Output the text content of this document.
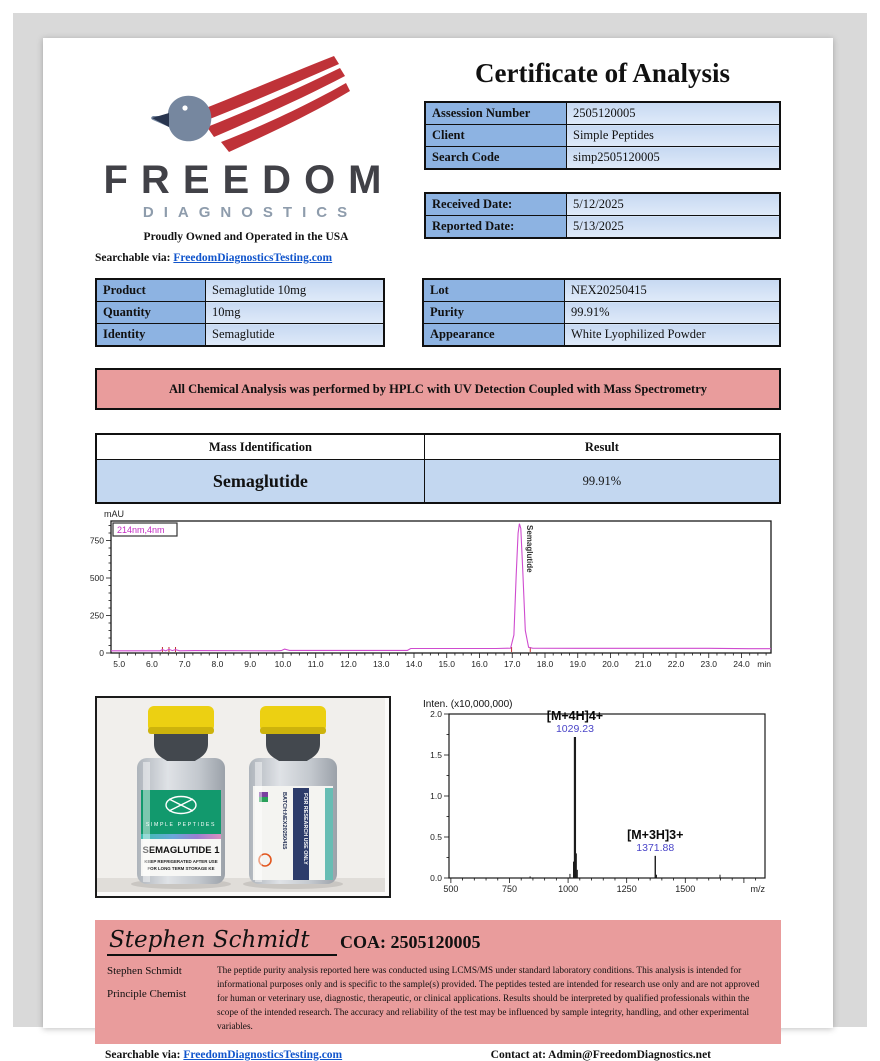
FREEDOM
DIAGNOSTICS
Proudly Owned and Operated in the USA
Searchable via: FreedomDiagnosticsTesting.com
Certificate of Analysis
Assession Number	2505120005
Client	Simple Peptides
Search Code	simp2505120005
Received Date:	5/12/2025
Reported Date:	5/13/2025
Product	Semaglutide 10mg
Quantity	10mg
Identity	Semaglutide
Lot	NEX20250415
Purity	99.91%
Appearance	White Lyophilized Powder
All Chemical Analysis was performed by HPLC with UV Detection Coupled with Mass Spectrometry
Mass Identification	Result
Semaglutide	99.91%
mAU
0
250
500
750
5.0 6.0 7.0 8.0 9.0 10.0 11.0 12.0 13.0 14.0 15.0 16.0 17.0 18.0 19.0 20.0 21.0 22.0 23.0 24.0 min
214nm,4nm	Semaglutide
SIMPLE PEPTIDES
SEMAGLUTIDE 1
KEEP REFRIGERATED AFTER USE
FOR LONG TERM STORAGE KE
BATCH:NEX20250415	FOR RESEARCH USE ONLY
Inten. (x10,000,000)
0.0
0.5
1.0
1.5
2.0
500	750	1000	1250	1500	m/z
[M+4H]4+
1029.23
[M+3H]3+
1371.88
Stephen Schmidt COA: 2505120005
Stephen Schmidt
Principle Chemist
The peptide purity analysis reported here was conducted using LCMS/MS under standard laboratory conditions. This analysis is intended for informational purposes only and is specific to the sample(s) provided. The peptides tested are intended for research use only and are not approved for human or veterinary use, diagnostic, therapeutic, or clinical applications. Results should be interpreted by qualified professionals within the scope of the intended research. The accuracy and reliability of the test may be influenced by sample integrity, handling, and other experimental variables.
Searchable via: FreedomDiagnosticsTesting.com	Contact at: Admin@FreedomDiagnostics.net
